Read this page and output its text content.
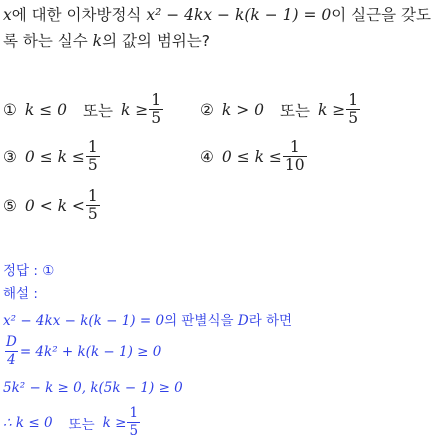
x에 대한 이차방정식 x² − 4kx − k(k − 1) = 0이 실근을 갖도
록 하는 실수 k의 값의 범위는?
① k ≤ 0 또는 $k \ge \frac{1}{5}$ ② k > 0 또는 $k \ge \frac{1}{5}$
③ $0 \le k \le \frac{1}{5}$	④ $0 \le k \le \frac{1}{10}$
⑤ $0 < k < \frac{1}{5}$
정답 : ①
해설 :
x² − 4kx − k(k − 1) = 0의 판별식을 D라 하면
$\frac{D}{4} = 4k^2 + k(k - 1) \ge 0$
5k² − k ≥ 0, k(5k − 1) ≥ 0
∴ k ≤ 0 또는 $k \ge \frac{1}{5}$
